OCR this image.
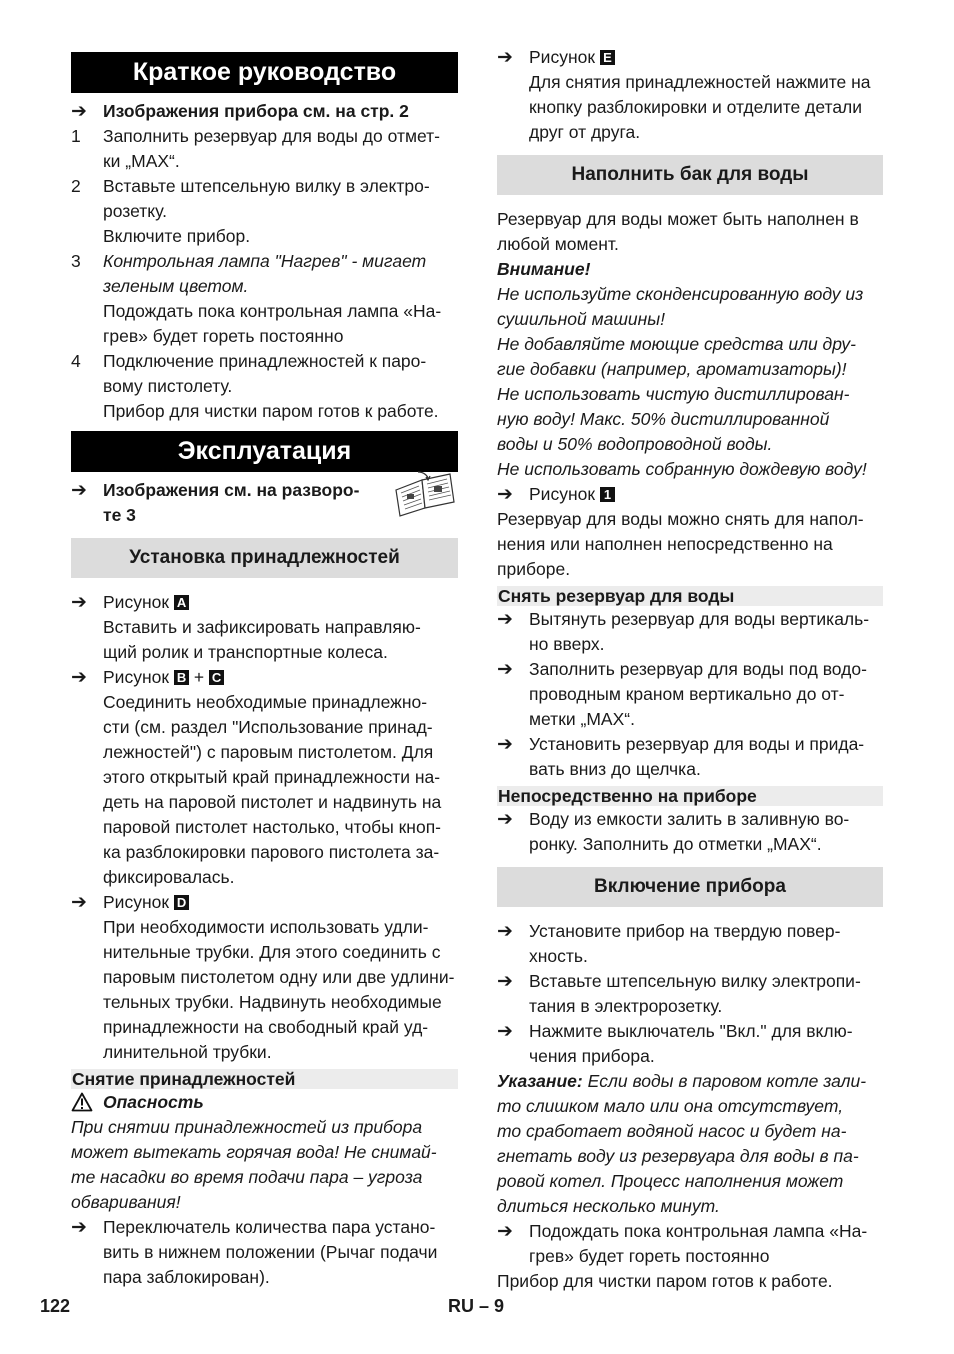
Краткое руководство
➔ Изображения прибора см. на стр. 2
1 Заполнить резервуар для воды до отмет-
ки „MAX“.
2 Вставьте штепсельную вилку в электро-
розетку.
Включите прибор.
3 Контрольная лампа "Нагрев" - мигает
зеленым цветом.
Подождать пока контрольная лампа «На-
грев» будет гореть постоянно
4 Подключение принадлежностей к паро-
вому пистолету.
Прибор для чистки паром готов к работе.
Эксплуатация
➔ Изображения см. на разворо-
те 3
Установка принадлежностей
➔ Рисунок A
Вставить и зафиксировать направляю-
щий ролик и транспортные колеса.
➔ Рисунок B + C
Соединить необходимые принадлежно-
сти (см. раздел "Использование принад-
лежностей") с паровым пистолетом. Для
этого открытый край принадлежности на-
деть на паровой пистолет и надвинуть на
паровой пистолет настолько, чтобы кноп-
ка разблокировки парового пистолета за-
фиксировалась.
➔ Рисунок D
При необходимости использовать удли-
нительные трубки. Для этого соединить с
паровым пистолетом одну или две удлини-
тельных трубки. Надвинуть необходимые
принадлежности на свободный край уд-
линительной трубки.
Снятие принадлежностей
Опасность
При снятии принадлежностей из прибора
может вытекать горячая вода! Не снимай-
те насадки во время подачи пара – угроза
обваривания!
➔ Переключатель количества пара устано-
вить в нижнем положении (Рычаг подачи
пара заблокирован).
➔ Рисунок E
Для снятия принадлежностей нажмите на
кнопку разблокировки и отделите детали
друг от друга.
Наполнить бак для воды
Резервуар для воды может быть наполнен в
любой момент.
Внимание!
Не используйте сконденсированную воду из
сушильной машины!
Не добавляйте моющие средства или дру-
гие добавки (например, ароматизаторы)!
Не использовать чистую дистиллирован-
ную воду! Макс. 50% дистиллированной
воды и 50% водопроводной воды.
Не использовать собранную дождевую воду!
➔ Рисунок 1
Резервуар для воды можно снять для напол-
нения или наполнен непосредственно на
приборе.
Снять резервуар для воды
➔ Вытянуть резервуар для воды вертикаль-
но вверх.
➔ Заполнить резервуар для воды под водо-
проводным краном вертикально до от-
метки „MAX“.
➔ Установить резервуар для воды и прида-
вать вниз до щелчка.
Непосредственно на приборе
➔ Воду из емкости залить в заливную во-
ронку. Заполнить до отметки „MAX“.
Включение прибора
➔ Установите прибор на твердую повер-
хность.
➔ Вставьте штепсельную вилку электропи-
тания в электророзетку.
➔ Нажмите выключатель "Вкл." для вклю-
чения прибора.
Указание: Если воды в паровом котле зали-
то слишком мало или она отсутствует,
то сработает водяной насос и будет на-
гнетать воду из резервуара для воды в па-
ровой котел. Процесс наполнения может
длиться несколько минут.
➔ Подождать пока контрольная лампа «На-
грев» будет гореть постоянно
Прибор для чистки паром готов к работе.
122	RU – 9
